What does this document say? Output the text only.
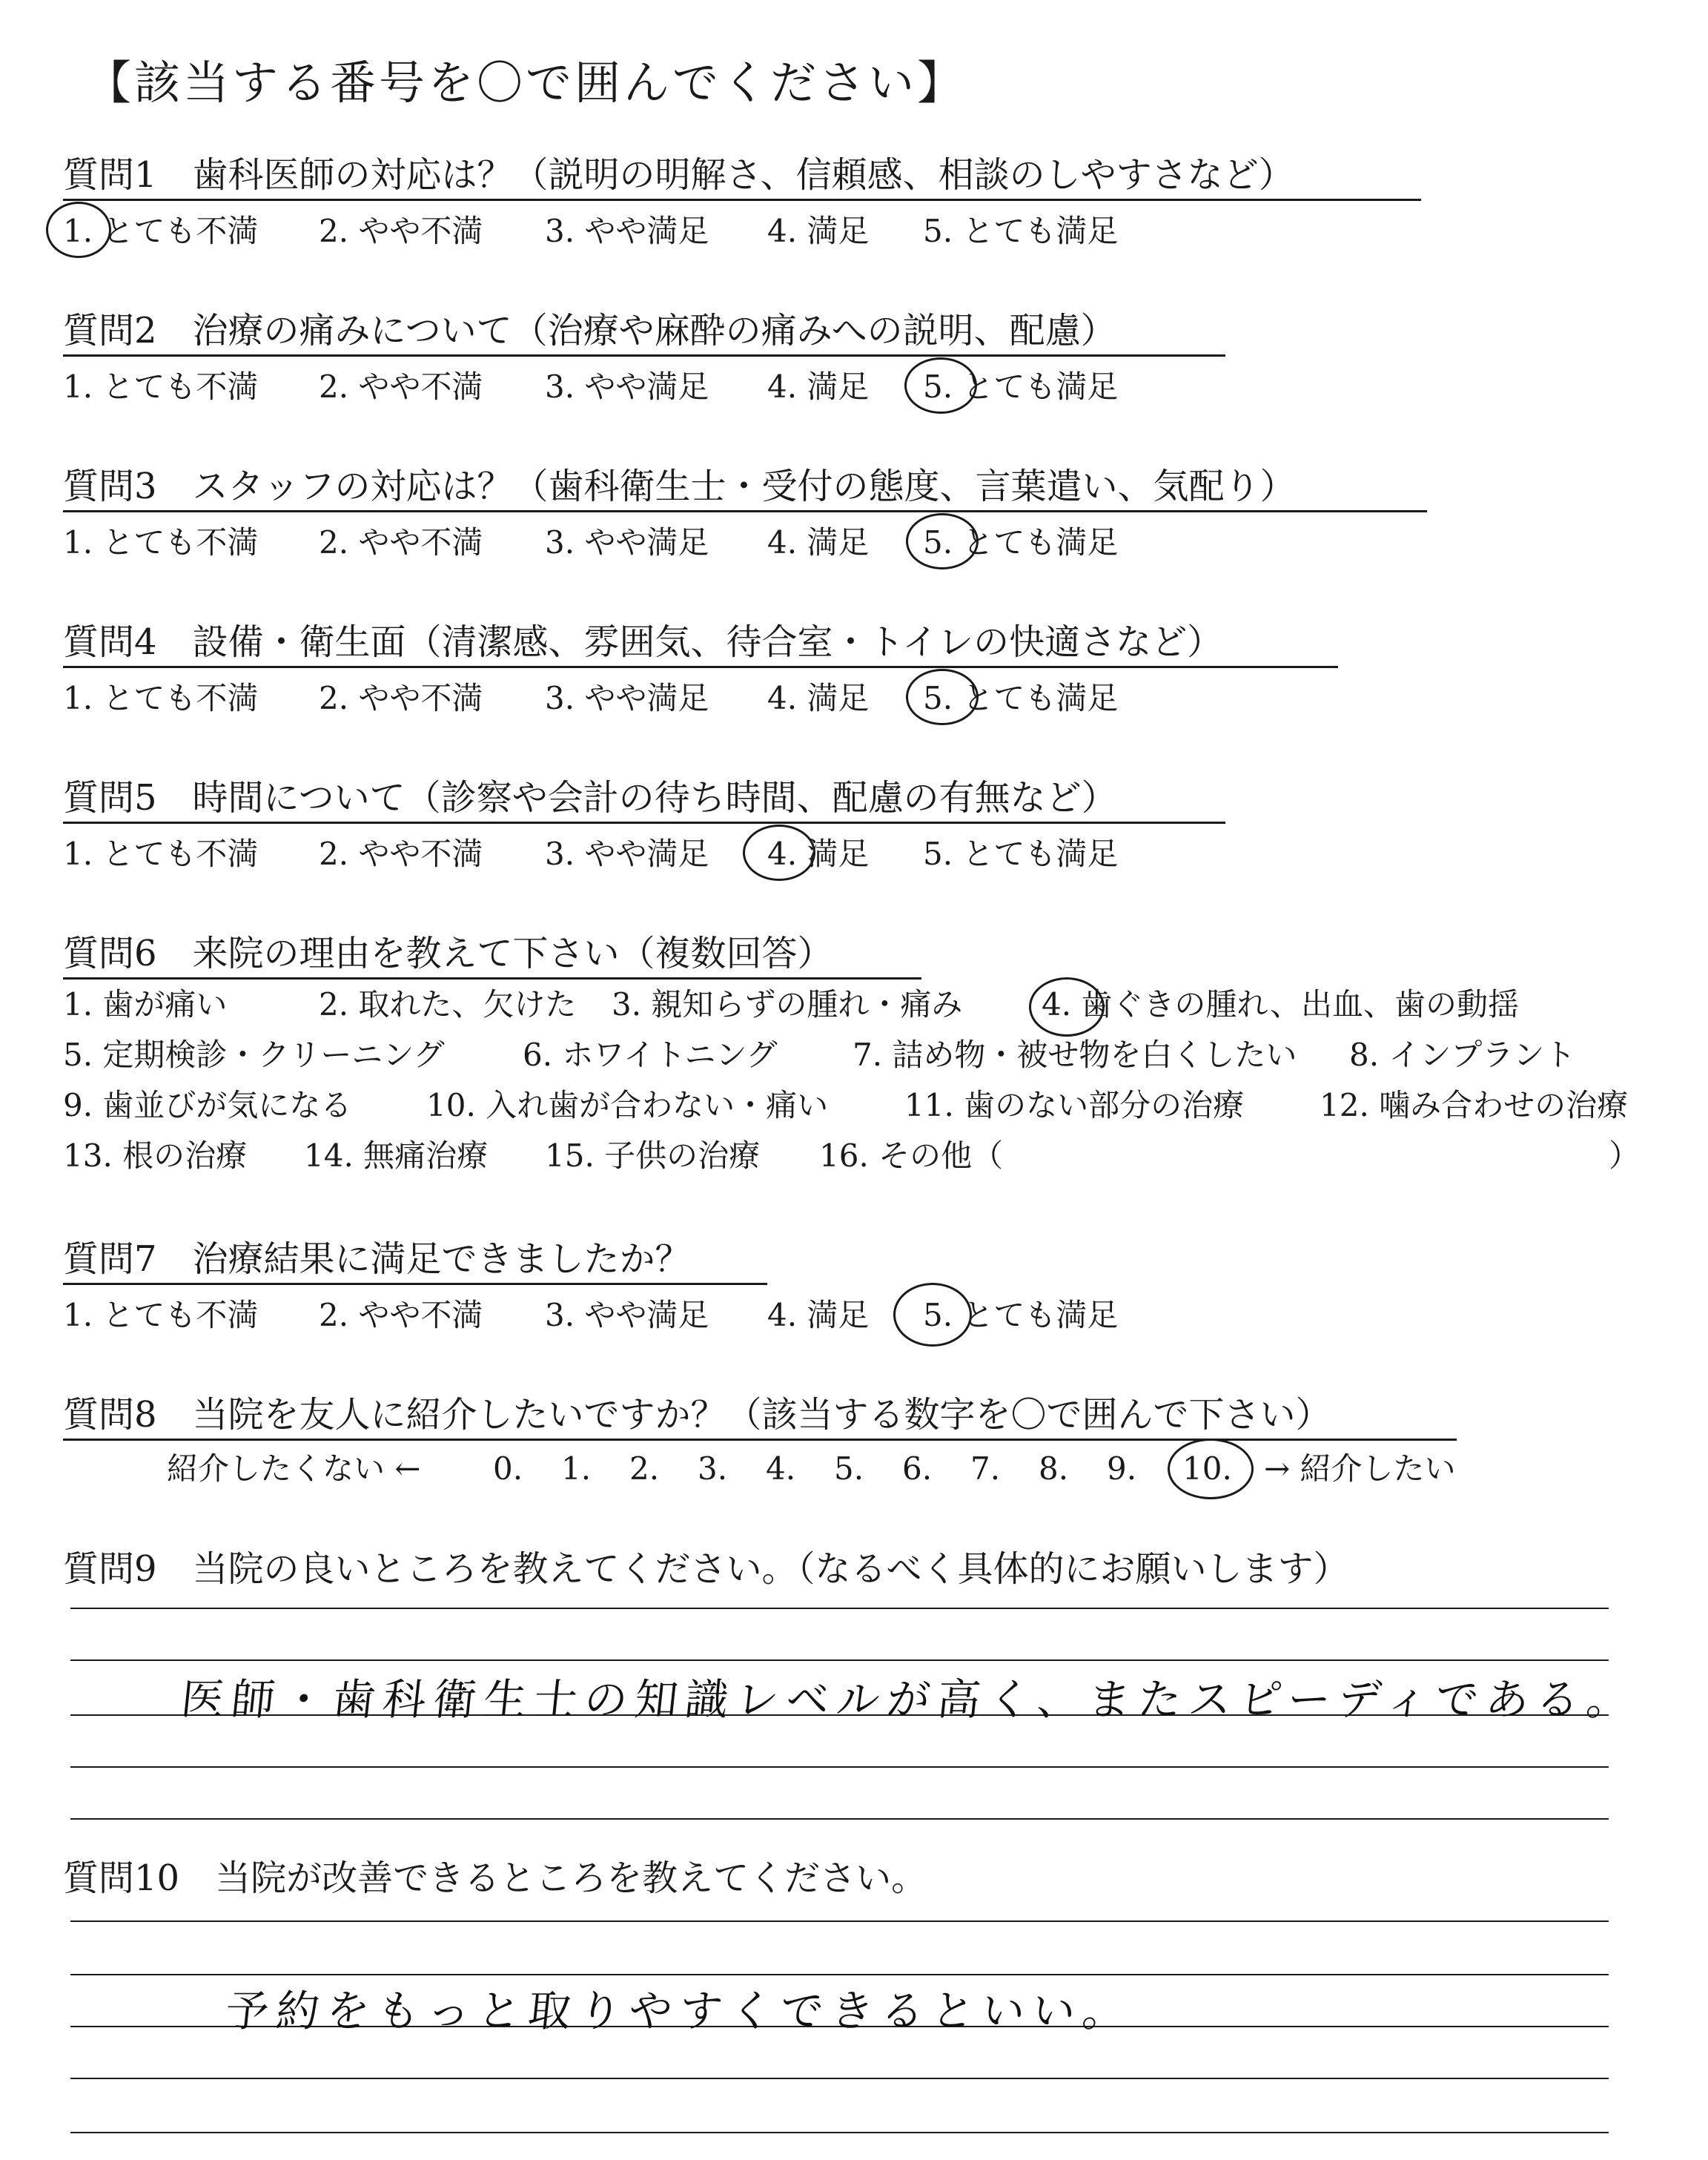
【該当する番号を〇で囲んでください】
質問1　歯科医師の対応は？（説明の明解さ、信頼感、相談のしやすさなど）
1. とても不満 2. やや不満 3. やや満足 4. 満足 5. とても満足
質問2　治療の痛みについて（治療や麻酔の痛みへの説明、配慮）
1. とても不満 2. やや不満 3. やや満足 4. 満足 5. とても満足
質問3　スタッフの対応は？（歯科衛生士・受付の態度、言葉遣い、気配り）
1. とても不満 2. やや不満 3. やや満足 4. 満足 5. とても満足
質問4　設備・衛生面（清潔感、雰囲気、待合室・トイレの快適さなど）
1. とても不満 2. やや不満 3. やや満足 4. 満足 5. とても満足
質問5　時間について（診察や会計の待ち時間、配慮の有無など）
1. とても不満 2. やや不満 3. やや満足 4. 満足 5. とても満足
質問6　来院の理由を教えて下さい（複数回答）
1. 歯が痛い	2. 取れた、欠けた 3. 親知らずの腫れ・痛み	4. 歯ぐきの腫れ、出血、歯の動揺
5. 定期検診・クリーニング	6. ホワイトニング 7. 詰め物・被せ物を白くしたい 8. インプラント
9. 歯並びが気になる 10. 入れ歯が合わない・痛い 11. 歯のない部分の治療 12. 噛み合わせの治療
13. 根の治療 14. 無痛治療 15. 子供の治療 16. その他（	）
質問7　治療結果に満足できましたか？
1. とても不満 2. やや不満 3. やや満足 4. 満足 5. とても満足
質問8　当院を友人に紹介したいですか？（該当する数字を〇で囲んで下さい）
紹介したくない ← 0. 1. 2. 3. 4. 5. 6. 7. 8. 9. 10. → 紹介したい
質問9　当院の良いところを教えてください。（なるべく具体的にお願いします）
医師・歯科衛生士の知識レベルが高く、またスピーディである。
質問10　当院が改善できるところを教えてください。
予約をもっと取りやすくできるといい。
